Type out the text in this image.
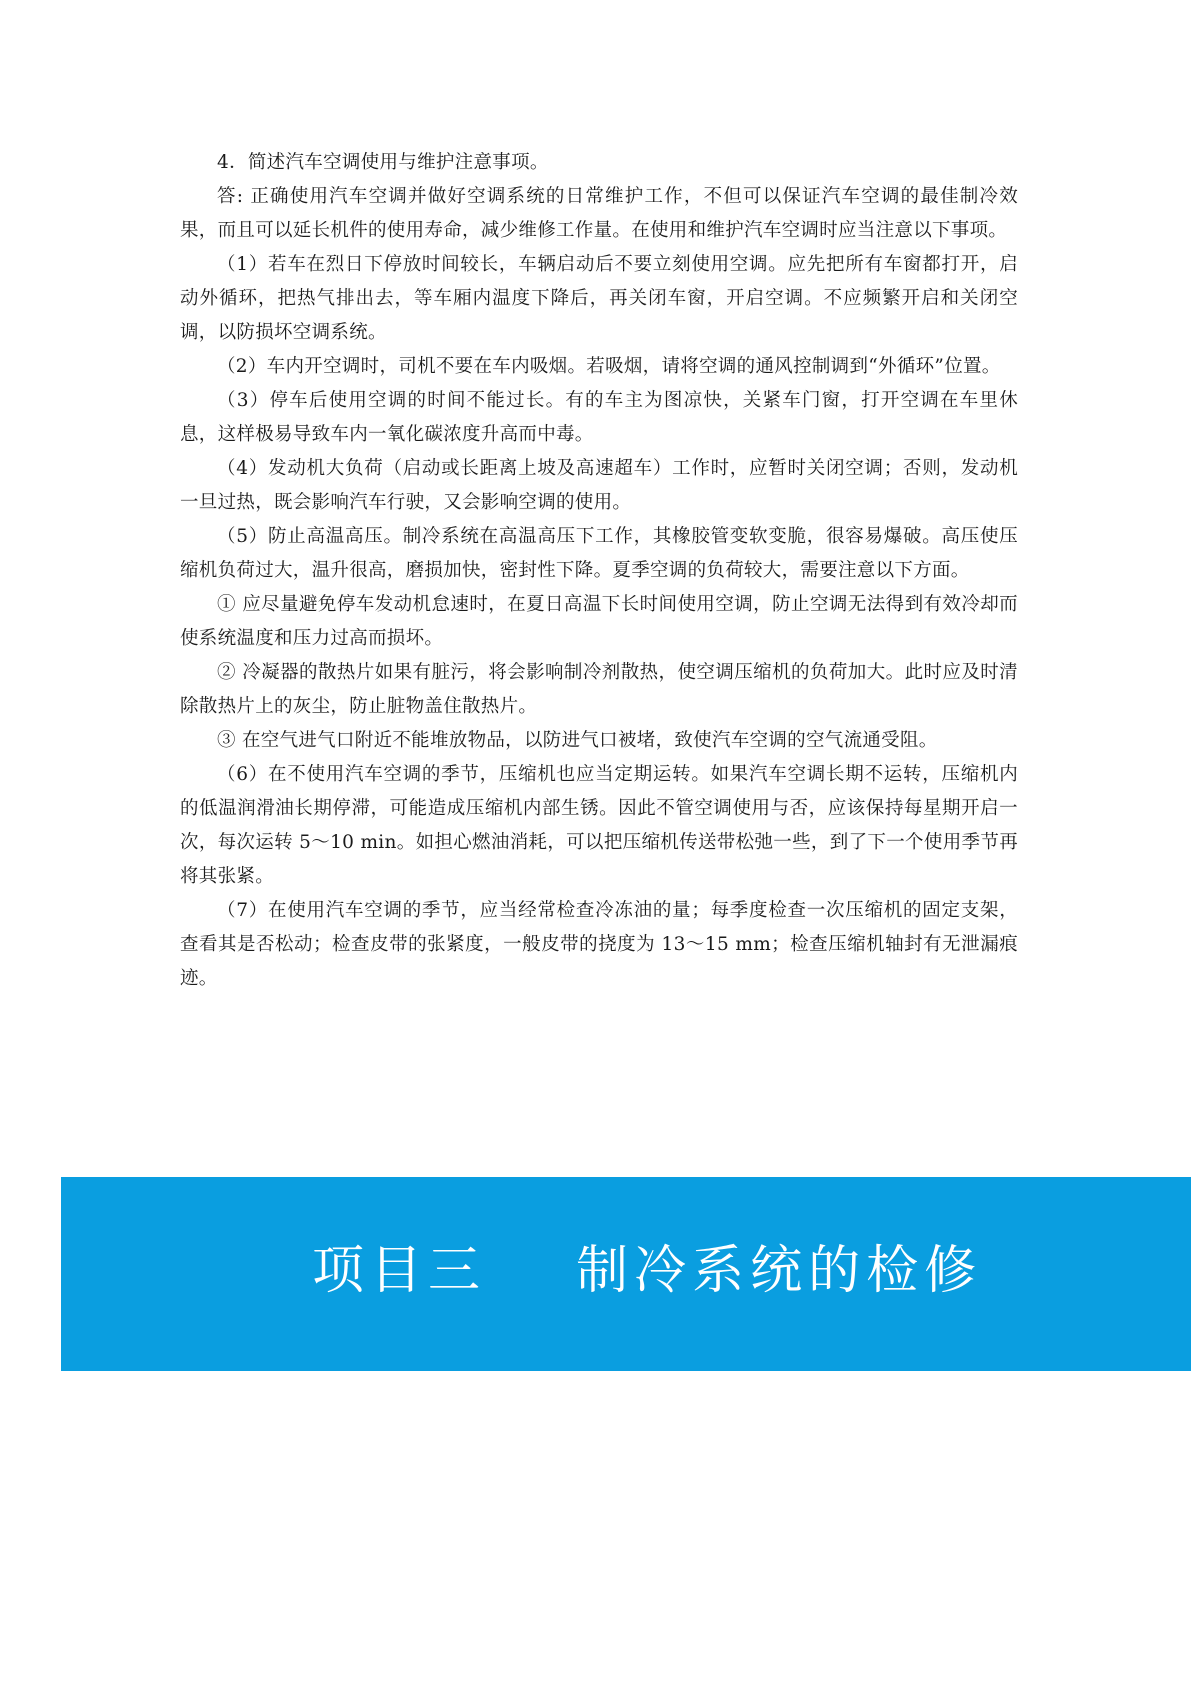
4．简述汽车空调使用与维护注意事项。

答: 正确使用汽车空调并做好空调系统的日常维护工作，不但可以保证汽车空调的最佳制冷效果，而且可以延长机件的使用寿命，减少维修工作量。在使用和维护汽车空调时应当注意以下事项。

（1）若车在烈日下停放时间较长，车辆启动后不要立刻使用空调。应先把所有车窗都打开，启动外循环，把热气排出去，等车厢内温度下降后，再关闭车窗，开启空调。不应频繁开启和关闭空调，以防损坏空调系统。

（2）车内开空调时，司机不要在车内吸烟。若吸烟，请将空调的通风控制调到“外循环”位置。

（3）停车后使用空调的时间不能过长。有的车主为图凉快，关紧车门窗，打开空调在车里休息，这样极易导致车内一氧化碳浓度升高而中毒。

（4）发动机大负荷（启动或长距离上坡及高速超车）工作时，应暂时关闭空调；否则，发动机一旦过热，既会影响汽车行驶，又会影响空调的使用。

（5）防止高温高压。制冷系统在高温高压下工作，其橡胶管变软变脆，很容易爆破。高压使压缩机负荷过大，温升很高，磨损加快，密封性下降。夏季空调的负荷较大，需要注意以下方面。

① 应尽量避免停车发动机怠速时，在夏日高温下长时间使用空调，防止空调无法得到有效冷却而使系统温度和压力过高而损坏。

② 冷凝器的散热片如果有脏污，将会影响制冷剂散热，使空调压缩机的负荷加大。此时应及时清除散热片上的灰尘，防止脏物盖住散热片。

③ 在空气进气口附近不能堆放物品，以防进气口被堵，致使汽车空调的空气流通受阻。

（6）在不使用汽车空调的季节，压缩机也应当定期运转。如果汽车空调长期不运转，压缩机内的低温润滑油长期停滞，可能造成压缩机内部生锈。因此不管空调使用与否，应该保持每星期开启一次，每次运转 5～10 min。如担心燃油消耗，可以把压缩机传送带松弛一些，到了下一个使用季节再将其张紧。

（7）在使用汽车空调的季节，应当经常检查冷冻油的量；每季度检查一次压缩机的固定支架，查看其是否松动；检查皮带的张紧度，一般皮带的挠度为 13～15 mm；检查压缩机轴封有无泄漏痕迹。

项目三    制冷系统的检修
